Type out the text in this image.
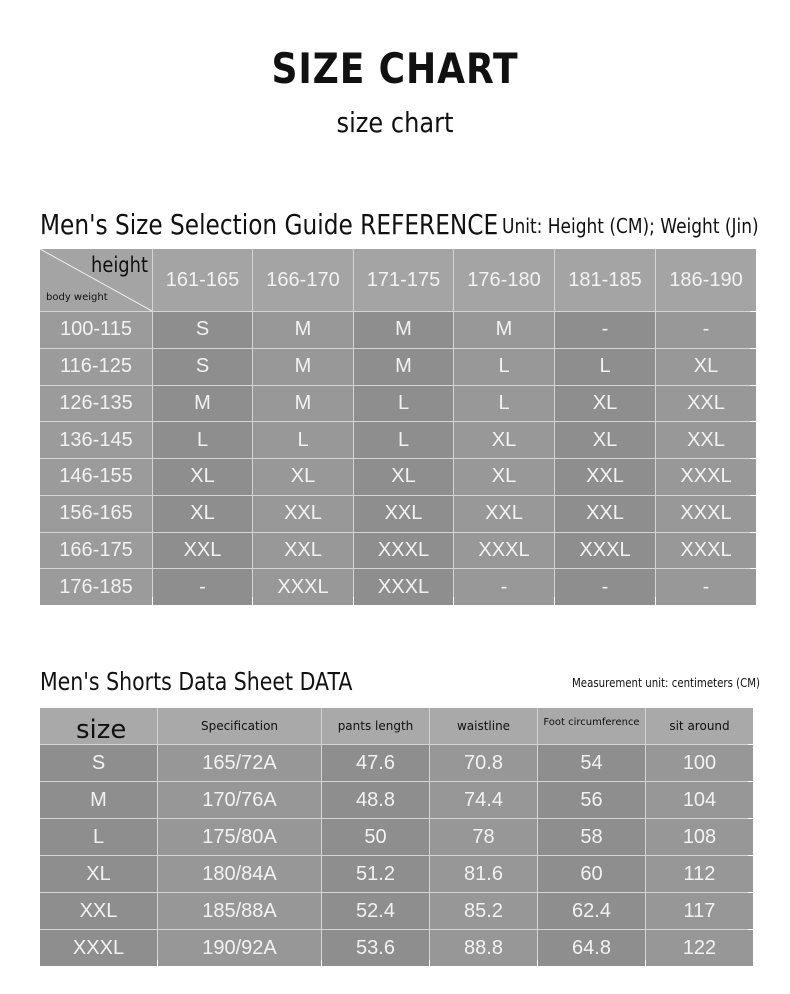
SIZE CHART
size chart
Men's Size Selection Guide REFERENCE Unit: Height (CM); Weight (Jin)
height
body weight
161-165	166-170	171-175	176-180	181-185	186-190
100-115	S	M	M	M	-	-
116-125	S	M	M	L	L	XL
126-135	M	M	L	L	XL	XXL
136-145	L	L	L	XL	XL	XXL
146-155	XL	XL	XL	XL	XXL	XXXL
156-165	XL	XXL	XXL	XXL	XXL	XXXL
166-175	XXL	XXL	XXXL	XXXL	XXXL	XXXL
176-185	-	XXXL	XXXL	-	-	-
Men's Shorts Data Sheet DATA	Measurement unit: centimeters (CM)
size	Specification	pants length	waistline	Foot circumference	sit around
S	165/72A	47.6	70.8	54	100
M	170/76A	48.8	74.4	56	104
L	175/80A	50	78	58	108
XL	180/84A	51.2	81.6	60	112
XXL	185/88A	52.4	85.2	62.4	117
XXXL	190/92A	53.6	88.8	64.8	122
